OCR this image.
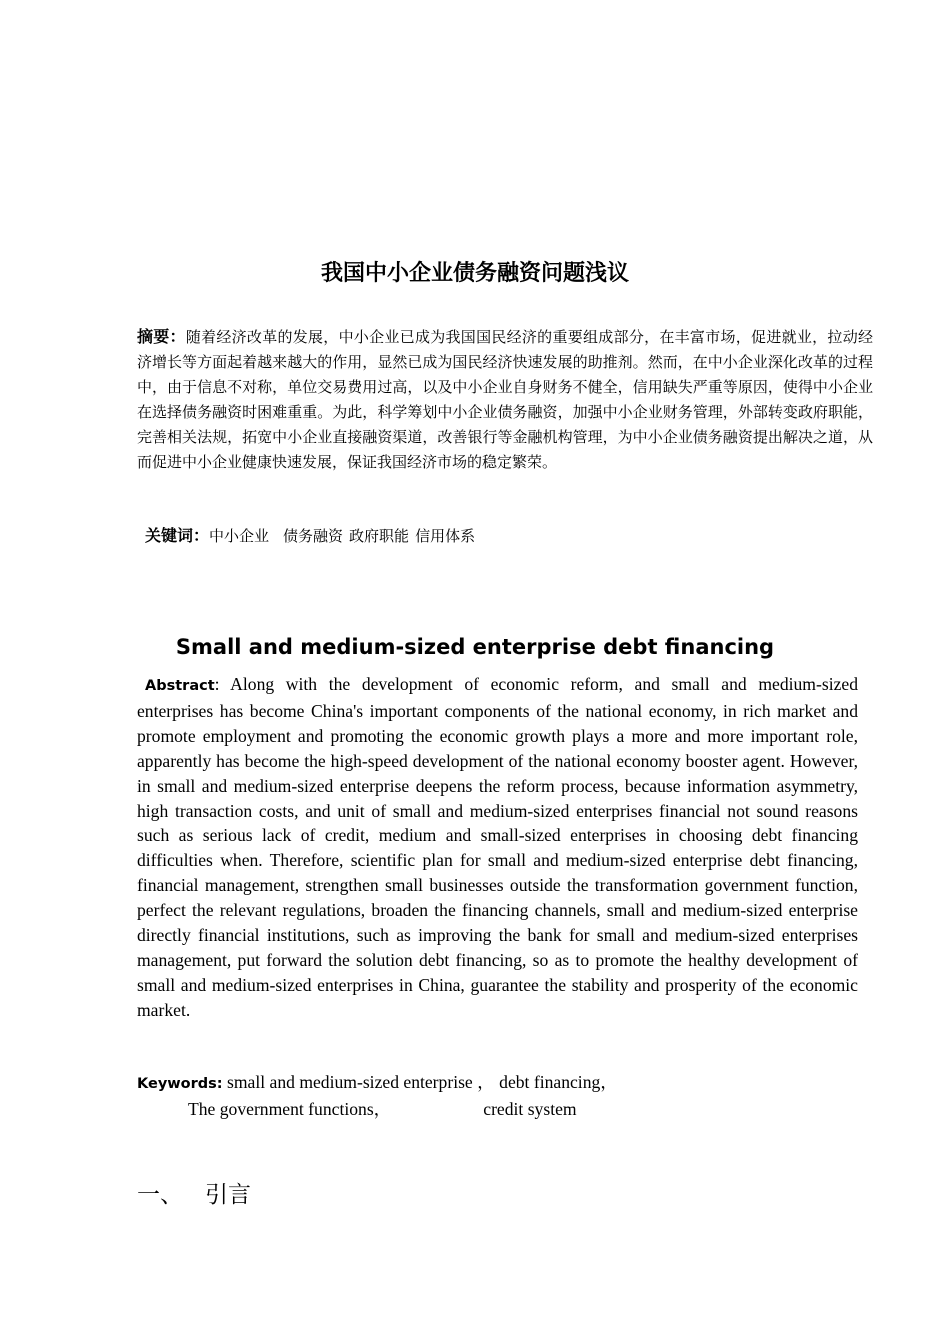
我国中小企业债务融资问题浅议
摘要：随着经济改革的发展，中小企业已成为我国国民经济的重要组成部分，在丰富市场，促进就业，拉动经济增长等方面起着越来越大的作用，显然已成为国民经济快速发展的助推剂。然而，在中小企业深化改革的过程中，由于信息不对称，单位交易费用过高，以及中小企业自身财务不健全，信用缺失严重等原因，使得中小企业在选择债务融资时困难重重。为此，科学筹划中小企业债务融资，加强中小企业财务管理，外部转变政府职能，完善相关法规，拓宽中小企业直接融资渠道，改善银行等金融机构管理，为中小企业债务融资提出解决之道，从而促进中小企业健康快速发展，保证我国经济市场的稳定繁荣。
关键词：中小企业 债务融资 政府职能 信用体系
Small and medium-sized enterprise debt financing
Abstract: Along with the development of economic reform, and small and medium-sized enterprises has become China's important components of the national economy, in rich market and promote employment and promoting the economic growth plays a more and more important role, apparently has become the high-speed development of the national economy booster agent. However, in small and medium-sized enterprise deepens the reform process, because information asymmetry, high transaction costs, and unit of small and medium-sized enterprises financial not sound reasons such as serious lack of credit, medium and small-sized enterprises in choosing debt financing difficulties when. Therefore, scientific plan for small and medium-sized enterprise debt financing, financial management, strengthen small businesses outside the transformation government function, perfect the relevant regulations, broaden the financing channels, small and medium-sized enterprise directly financial institutions, such as improving the bank for small and medium-sized enterprises management, put forward the solution debt financing, so as to promote the healthy development of small and medium-sized enterprises in China, guarantee the stability and prosperity of the economic market.
Keywords: small and medium-sized enterprise ， debt financing，
The government functions，	credit system
一、 引言
